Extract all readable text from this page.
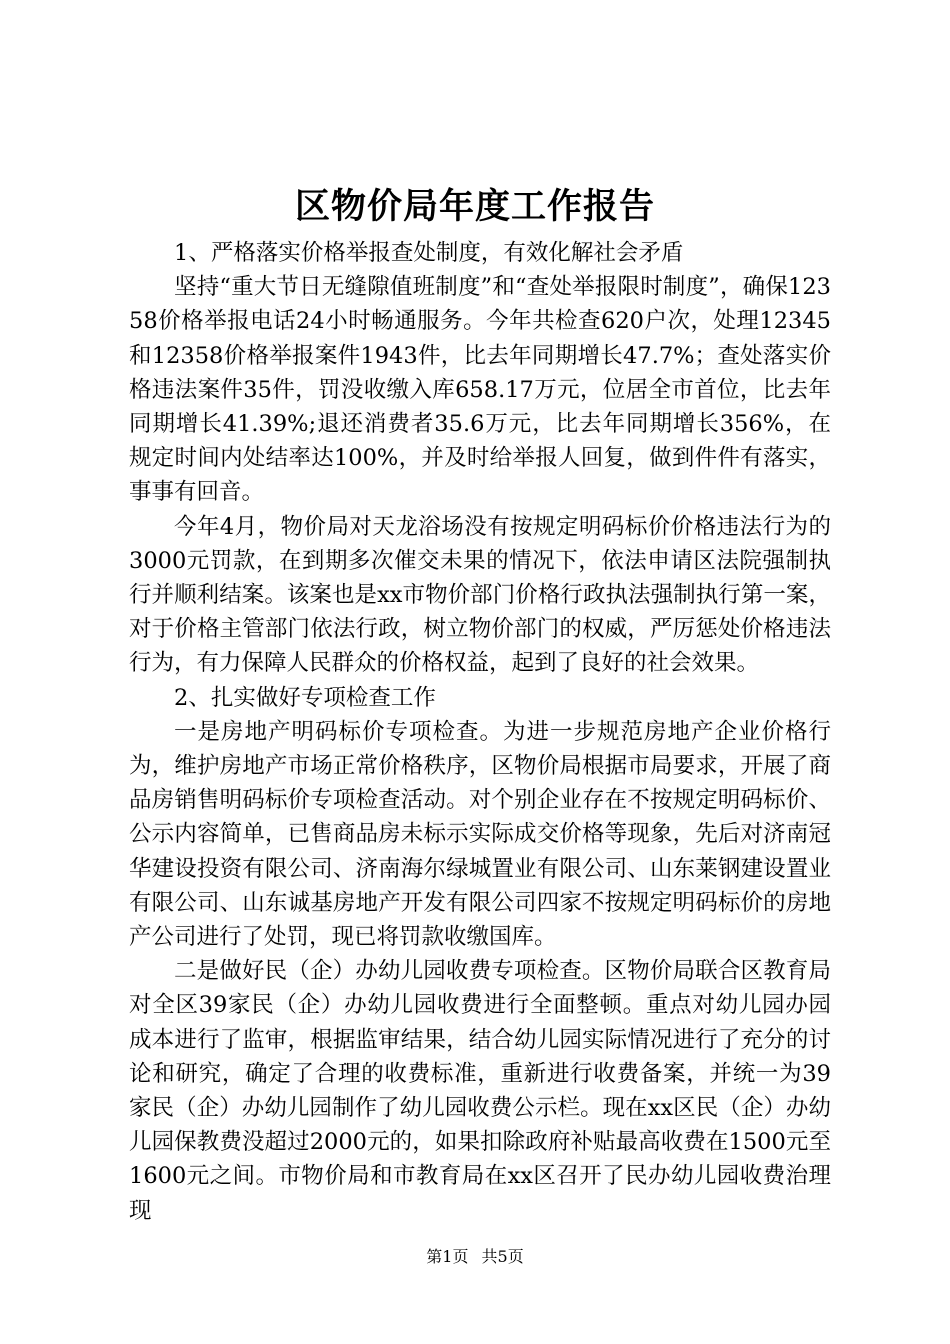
区物价局年度工作报告

1、严格落实价格举报查处制度，有效化解社会矛盾

坚持“重大节日无缝隙值班制度”和“查处举报限时制度”，确保12358价格举报电话24小时畅通服务。今年共检查620户次，处理12345和12358价格举报案件1943件，比去年同期增长47.7%；查处落实价格违法案件35件，罚没收缴入库658.17万元，位居全市首位，比去年同期增长41.39%;退还消费者35.6万元，比去年同期增长356%，在规定时间内处结率达100%，并及时给举报人回复，做到件件有落实，事事有回音。

今年4月，物价局对天龙浴场没有按规定明码标价价格违法行为的3000元罚款，在到期多次催交未果的情况下，依法申请区法院强制执行并顺利结案。该案也是xx市物价部门价格行政执法强制执行第一案，对于价格主管部门依法行政，树立物价部门的权威，严厉惩处价格违法行为，有力保障人民群众的价格权益，起到了良好的社会效果。

2、扎实做好专项检查工作

一是房地产明码标价专项检查。为进一步规范房地产企业价格行为，维护房地产市场正常价格秩序，区物价局根据市局要求，开展了商品房销售明码标价专项检查活动。对个别企业存在不按规定明码标价、公示内容简单，已售商品房未标示实际成交价格等现象，先后对济南冠华建设投资有限公司、济南海尔绿城置业有限公司、山东莱钢建设置业有限公司、山东诚基房地产开发有限公司四家不按规定明码标价的房地产公司进行了处罚，现已将罚款收缴国库。

二是做好民（企）办幼儿园收费专项检查。区物价局联合区教育局对全区39家民（企）办幼儿园收费进行全面整顿。重点对幼儿园办园成本进行了监审，根据监审结果，结合幼儿园实际情况进行了充分的讨论和研究，确定了合理的收费标准，重新进行收费备案，并统一为39家民（企）办幼儿园制作了幼儿园收费公示栏。现在xx区民（企）办幼儿园保教费没超过2000元的，如果扣除政府补贴最高收费在1500元至1600元之间。市物价局和市教育局在xx区召开了民办幼儿园收费治理现

第1页 共5页
